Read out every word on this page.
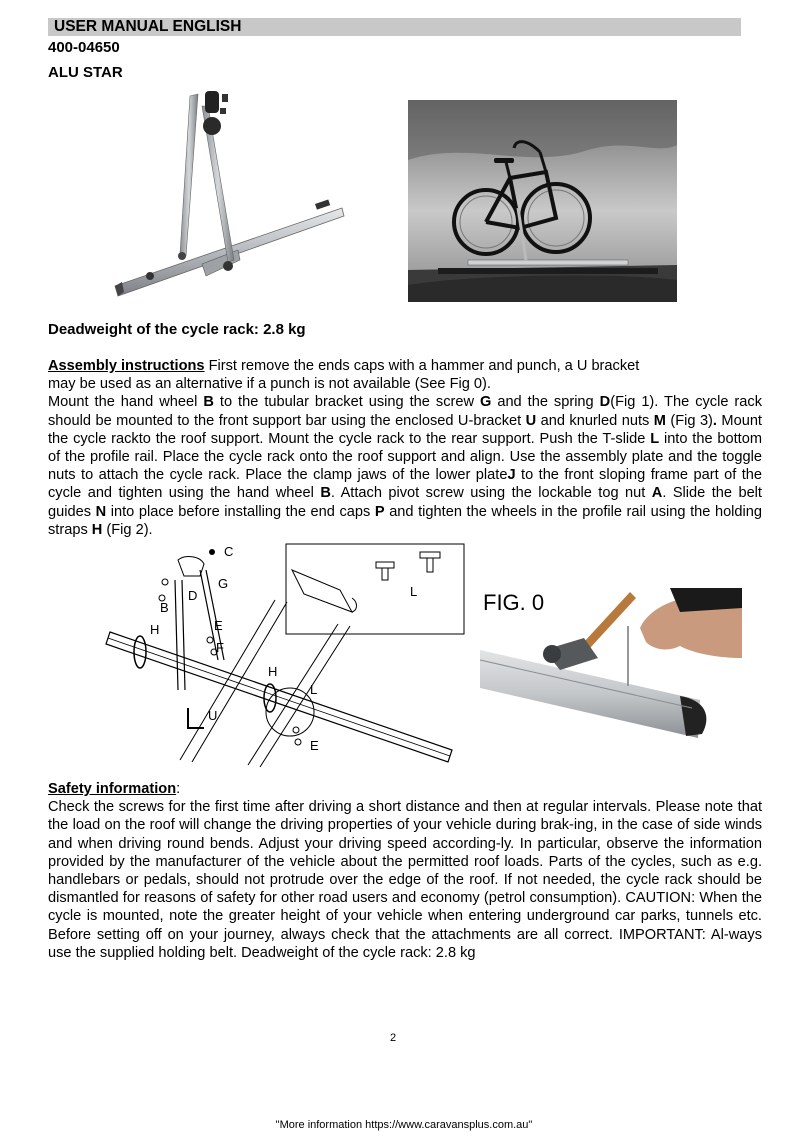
USER MANUAL ENGLISH
400-04650
ALU STAR
Deadweight of the cycle rack: 2.8 kg
Assembly instructions First remove the ends caps with a hammer and punch, a U bracket
may be used as an alternative if a punch is not available (See Fig 0).
Mount the hand wheel B to the tubular bracket using the screw G and the spring D(Fig 1). The cycle rack should be mounted to the front support bar using the enclosed U-bracket U and knurled nuts M (Fig 3). Mount the cycle rackto the roof support. Mount the cycle rack to the rear support. Push the T-slide L into the bottom of the profile rail. Place the cycle rack onto the roof support and align. Use the assembly plate and the toggle nuts to attach the cycle rack. Place the clamp jaws of the lower plateJ to the front sloping frame part of the cycle and tighten using the hand wheel B. Attach pivot screw using the lockable tog nut A. Slide the belt guides N into place before installing the end caps P and tighten the wheels in the profile rail using the holding straps H (Fig 2).
C
G
D
B
E
H
F
H
L
U
E
L	FIG. 0
Safety information:
Check the screws for the first time after driving a short distance and then at regular intervals. Please note that the load on the roof will change the driving properties of your vehicle during brak-ing, in the case of side winds and when driving round bends. Adjust your driving speed according-ly. In particular, observe the information provided by the manufacturer of the vehicle about the permitted roof loads. Parts of the cycles, such as e.g. handlebars or pedals, should not protrude over the edge of the roof. If not needed, the cycle rack should be dismantled for reasons of safety for other road users and economy (petrol consumption). CAUTION: When the cycle is mounted, note the greater height of your vehicle when entering underground car parks, tunnels etc. Before setting off on your journey, always check that the attachments are all correct. IMPORTANT: Al-ways use the supplied holding belt. Deadweight of the cycle rack: 2.8 kg
2
"More information https://www.caravansplus.com.au"
